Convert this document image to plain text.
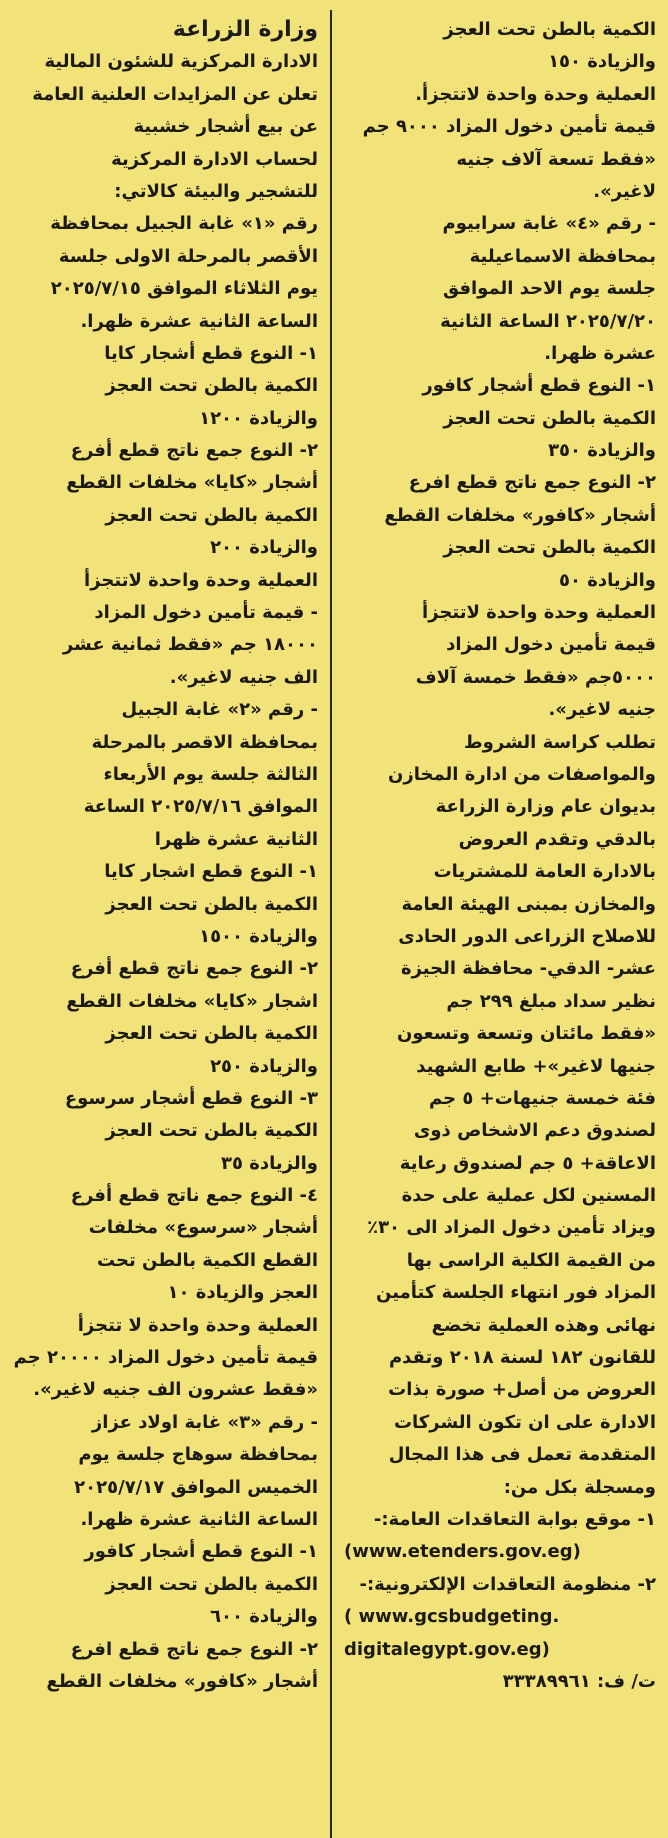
وزارة الزراعة
الادارة المركزية للشئون المالية
تعلن عن المزايدات العلنية العامة
عن بيع أشجار خشبية
لحساب الادارة المركزية
للتشجير والبيئة كالاتي:
رقم «١» غابة الجبيل بمحافظة
الأقصر بالمرحلة الاولى جلسة
يوم الثلاثاء الموافق ٢٠٢٥/٧/١٥
الساعة الثانية عشرة ظهرا.
١- النوع قطع أشجار كايا
الكمية بالطن تحت العجز
والزيادة ١٢٠٠
٢- النوع جمع ناتج قطع أفرع
أشجار «كايا» مخلفات القطع
الكمية بالطن تحت العجز
والزيادة ٢٠٠
العملية وحدة واحدة لاتتجزأ
- قيمة تأمين دخول المزاد
١٨٠٠٠ جم «فقط ثمانية عشر
الف جنيه لاغير».
- رقم «٢» غابة الجبيل
بمحافظة الاقصر بالمرحلة
الثالثة جلسة يوم الأربعاء
الموافق ٢٠٢٥/٧/١٦ الساعة
الثانية عشرة ظهرا
١- النوع قطع اشجار كايا
الكمية بالطن تحت العجز
والزيادة ١٥٠٠
٢- النوع جمع ناتج قطع أفرع
اشجار «كايا» مخلفات القطع
الكمية بالطن تحت العجز
والزيادة ٢٥٠
٣- النوع قطع أشجار سرسوع
الكمية بالطن تحت العجز
والزيادة ٣٥
٤- النوع جمع ناتج قطع أفرع
أشجار «سرسوع» مخلفات
القطع الكمية بالطن تحت
العجز والزيادة ١٠
العملية وحدة واحدة لا تتجزأ
قيمة تأمين دخول المزاد ٢٠٠٠٠ جم
«فقط عشرون الف جنيه لاغير».
- رقم «٣» غابة اولاد عزاز
بمحافظة سوهاج جلسة يوم
الخميس الموافق ٢٠٢٥/٧/١٧
الساعة الثانية عشرة ظهرا.
١- النوع قطع أشجار كافور
الكمية بالطن تحت العجز
والزيادة ٦٠٠
٢- النوع جمع ناتج قطع افرع
أشجار «كافور» مخلفات القطع
الكمية بالطن تحت العجز
والزيادة ١٥٠
العملية وحدة واحدة لاتتجزأ.
قيمة تأمين دخول المزاد ٩٠٠٠ جم
«فقط تسعة آلاف جنيه
لاغير».
- رقم «٤» غابة سرابيوم
بمحافظة الاسماعيلية
جلسة يوم الاحد الموافق
٢٠٢٥/٧/٢٠ الساعة الثانية
عشرة ظهرا.
١- النوع قطع أشجار كافور
الكمية بالطن تحت العجز
والزيادة ٣٥٠
٢- النوع جمع ناتج قطع افرع
أشجار «كافور» مخلفات القطع
الكمية بالطن تحت العجز
والزيادة ٥٠
العملية وحدة واحدة لاتتجزأ
قيمة تأمين دخول المزاد
٥٠٠٠جم «فقط خمسة آلاف
جنيه لاغير».
تطلب كراسة الشروط
والمواصفات من ادارة المخازن
بديوان عام وزارة الزراعة
بالدقي وتقدم العروض
بالادارة العامة للمشتريات
والمخازن بمبنى الهيئة العامة
للاصلاح الزراعى الدور الحادى
عشر- الدقي- محافظة الجيزة
نظير سداد مبلغ ٢٩٩ جم
«فقط مائتان وتسعة وتسعون
جنيها لاغير»+ طابع الشهيد
فئة خمسة جنيهات+ ٥ جم
لصندوق دعم الاشخاص ذوى
الاعاقة+ ٥ جم لصندوق رعاية
المسنين لكل عملية على حدة
ويزاد تأمين دخول المزاد الى ٣٠٪
من القيمة الكلية الراسى بها
المزاد فور انتهاء الجلسة كتأمين
نهائى وهذه العملية تخضع
للقانون ١٨٢ لسنة ٢٠١٨ وتقدم
العروض من أصل+ صورة بذات
الادارة على ان تكون الشركات
المتقدمة تعمل فى هذا المجال
ومسجلة بكل من:
١- موقع بوابة التعاقدات العامة:-
(www.etenders.gov.eg)
٢- منظومة التعاقدات الإلكترونية:-
( www.gcsbudgeting.
digitalegypt.gov.eg)
ت/ ف: ٣٣٣٨٩٩٦١
